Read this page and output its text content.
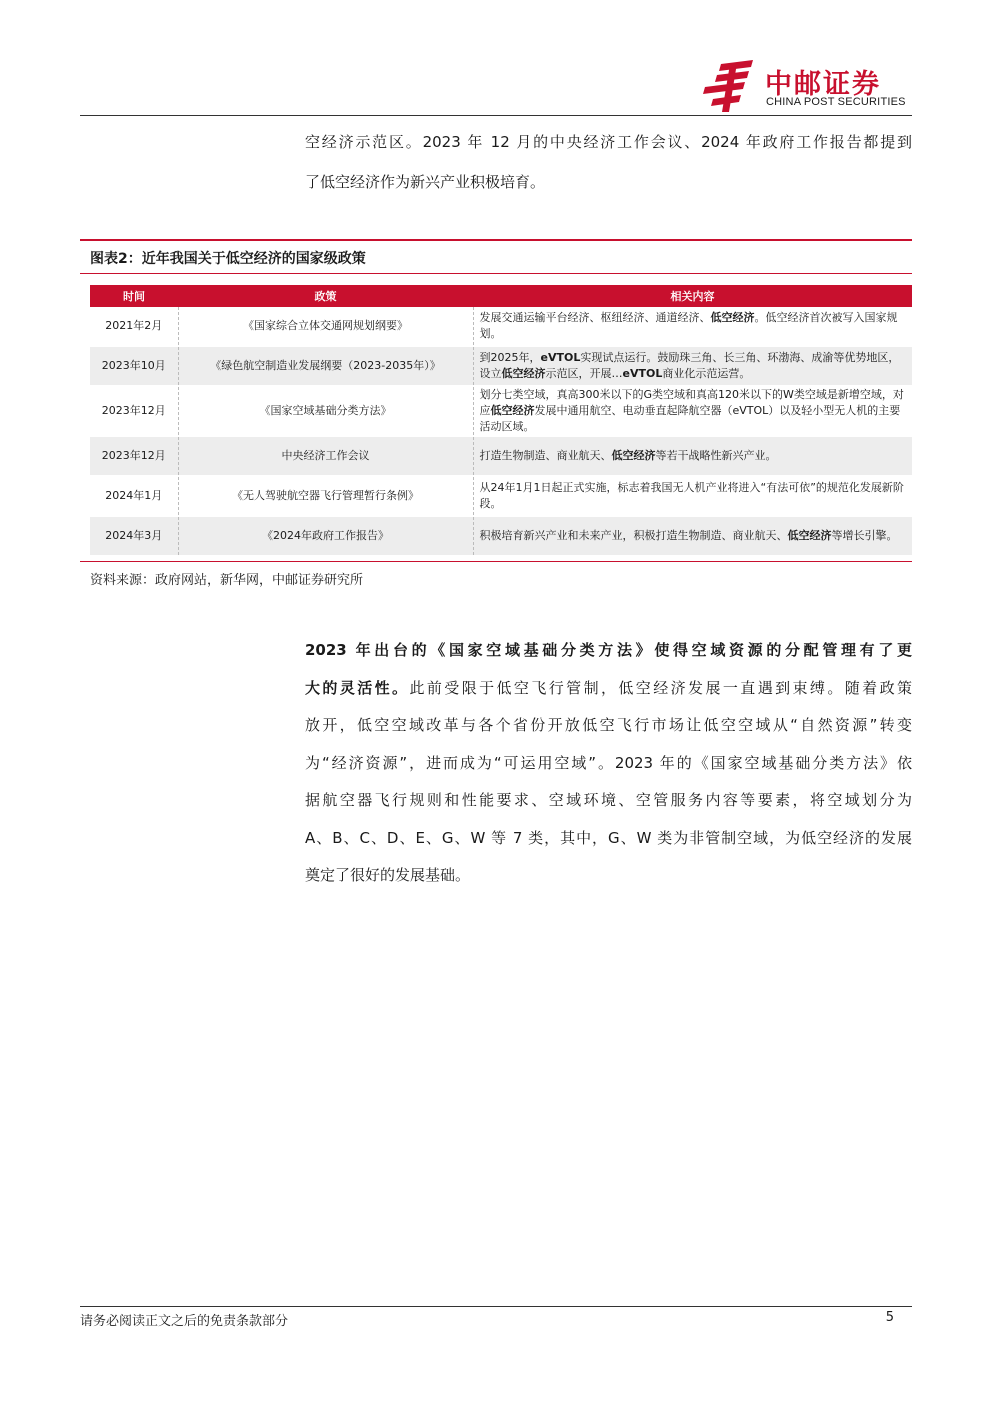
中邮证券
CHINA POST SECURITIES
空经济示范区。2023 年 12 月的中央经济工作会议、2024 年政府工作报告都提到
了低空经济作为新兴产业积极培育。
图表2：近年我国关于低空经济的国家级政策
时间	政策	相关内容
2021年2月	《国家综合立体交通网规划纲要》	发展交通运输平台经济、枢纽经济、通道经济、低空经济。低空经济首次被写入国家规划。
2023年10月	《绿色航空制造业发展纲要（2023-2035年）》	到2025年，eVTOL实现试点运行。鼓励珠三角、长三角、环渤海、成渝等优势地区，设立低空经济示范区，开展…eVTOL商业化示范运营。
2023年12月	《国家空域基础分类方法》	划分七类空域，真高300米以下的G类空域和真高120米以下的W类空域是新增空域，对应低空经济发展中通用航空、电动垂直起降航空器（eVTOL）以及轻小型无人机的主要活动区域。
2023年12月	中央经济工作会议	打造生物制造、商业航天、低空经济等若干战略性新兴产业。
2024年1月	《无人驾驶航空器飞行管理暂行条例》	从24年1月1日起正式实施，标志着我国无人机产业将进入“有法可依”的规范化发展新阶段。
2024年3月	《2024年政府工作报告》	积极培育新兴产业和未来产业，积极打造生物制造、商业航天、低空经济等增长引擎。
资料来源：政府网站，新华网，中邮证券研究所
2023 年出台的《国家空域基础分类方法》使得空域资源的分配管理有了更
大的灵活性。此前受限于低空飞行管制，低空经济发展一直遇到束缚。随着政策
放开，低空空域改革与各个省份开放低空飞行市场让低空空域从“自然资源”转变
为“经济资源”，进而成为“可运用空域”。2023 年的《国家空域基础分类方法》依
据航空器飞行规则和性能要求、空域环境、空管服务内容等要素，将空域划分为
A、B、C、D、E、G、W 等 7 类，其中，G、W 类为非管制空域，为低空经济的发展
奠定了很好的发展基础。
请务必阅读正文之后的免责条款部分	5
